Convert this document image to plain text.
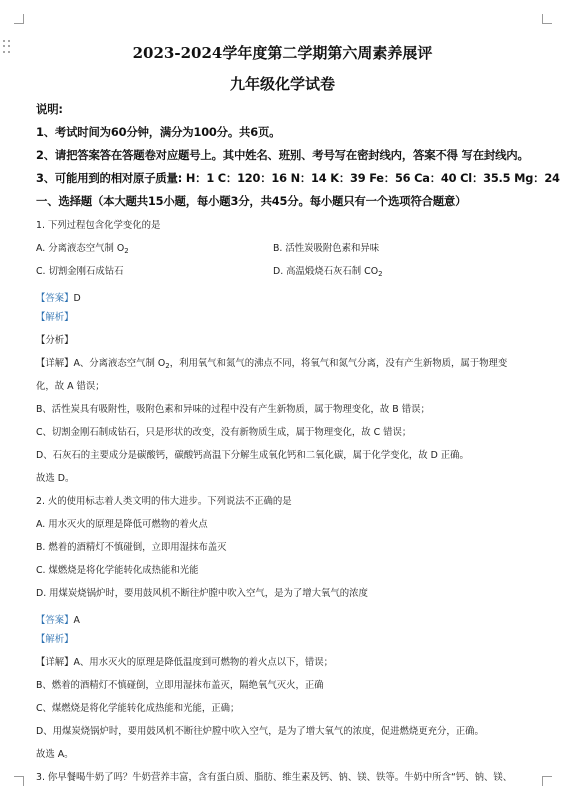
2023-2024学年度第二学期第六周素养展评
九年级化学试卷
说明:
1、考试时间为60分钟，满分为100分。共6页。
2、请把答案答在答题卷对应题号上。其中姓名、班别、考号写在密封线内，答案不得 写在封线内。
3、可能用到的相对原子质量: H：1 C：120：16 N：14 K：39 Fe：56 Ca：40 Cl：35.5 Mg：24
一、选择题（本大题共15小题，每小题3分，共45分。每小题只有一个选项符合题意）
1. 下列过程包含化学变化的是
A. 分离液态空气制 $O_2$	B. 活性炭吸附色素和异味
C. 切割金刚石成钻石	D. 高温煅烧石灰石制 $CO_2$
【答案】D
【解析】
【分析】
【详解】A、分离液态空气制 $O_2$，利用氧气和氮气的沸点不同，将氧气和氮气分离，没有产生新物质，属于物理变
化，故 A 错误；
B、活性炭具有吸附性，吸附色素和异味的过程中没有产生新物质，属于物理变化，故 B 错误；
C、切割金刚石制成钻石，只是形状的改变，没有新物质生成，属于物理变化，故 C 错误；
D、石灰石的主要成分是碳酸钙，碳酸钙高温下分解生成氧化钙和二氧化碳，属于化学变化，故 D 正确。
故选 D。
2. 火的使用标志着人类文明的伟大进步。下列说法不正确的是
A. 用水灭火的原理是降低可燃物的着火点
B. 燃着的酒精灯不慎碰倒，立即用湿抹布盖灭
C. 煤燃烧是将化学能转化成热能和光能
D. 用煤炭烧锅炉时，要用鼓风机不断往炉膛中吹入空气，是为了增大氧气的浓度
【答案】A
【解析】
【详解】A、用水灭火的原理是降低温度到可燃物的着火点以下，错误；
B、燃着的酒精灯不慎碰倒，立即用湿抹布盖灭，隔绝氧气灭火，正确
C、煤燃烧是将化学能转化成热能和光能，正确；
D、用煤炭烧锅炉时，要用鼓风机不断往炉膛中吹入空气，是为了增大氧气的浓度，促进燃烧更充分，正确。
故选 A。
3. 你早餐喝牛奶了吗？牛奶营养丰富，含有蛋白质、脂肪、维生素及钙、钠、镁、铁等。牛奶中所含“钙、钠、镁、
